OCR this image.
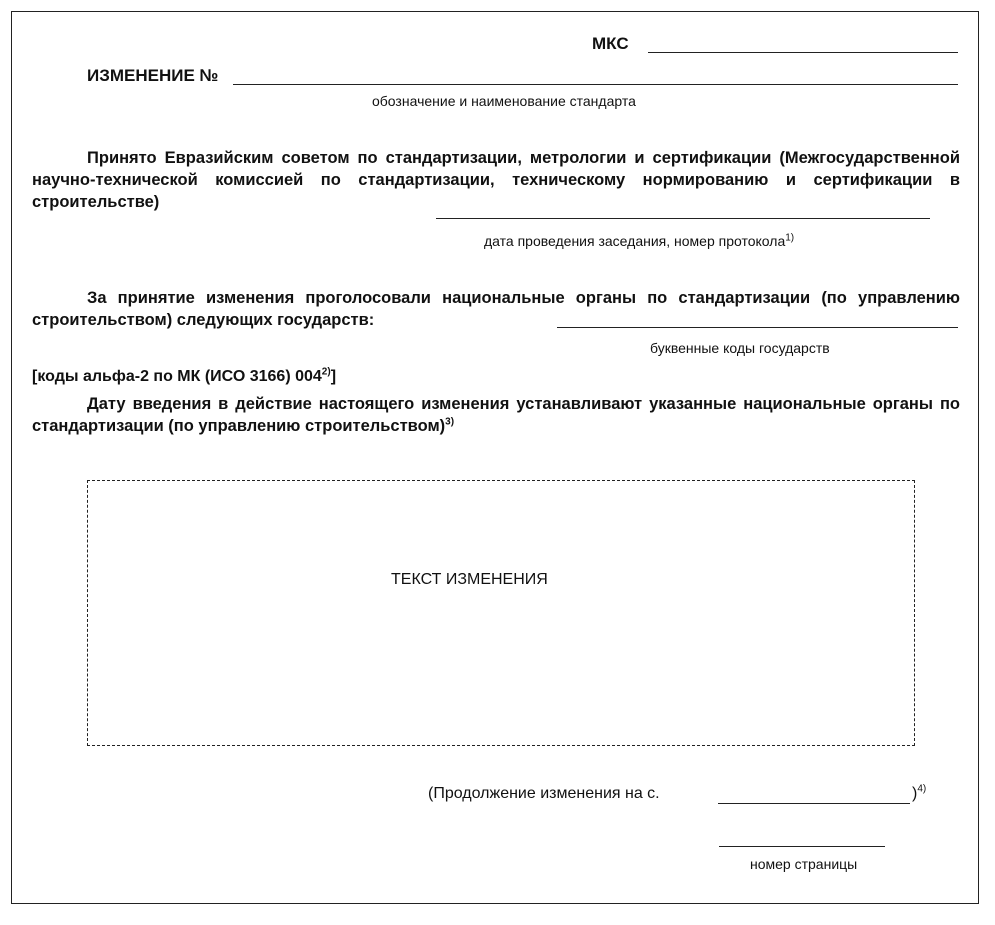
МКС
ИЗМЕНЕНИЕ №
обозначение и наименование стандарта
Принято Евразийским советом по стандартизации, метрологии и сертификации (Межгосударственной научно-технической комиссией по стандартизации, техническому нормированию и сертификации в строительстве)
дата проведения заседания, номер протокола$^{1)}$
За принятие изменения проголосовали национальные органы по стандартизации (по управлению строительством) следующих государств:
буквенные коды государств
[коды альфа-2 по МК (ИСО 3166) 004$^{2)}$]
Дату введения в действие настоящего изменения устанавливают указанные национальные органы по стандартизации (по управлению строительством)$^{3)}$
ТЕКСТ ИЗМЕНЕНИЯ
(Продолжение изменения на с.	)$^{4)}$
номер страницы
